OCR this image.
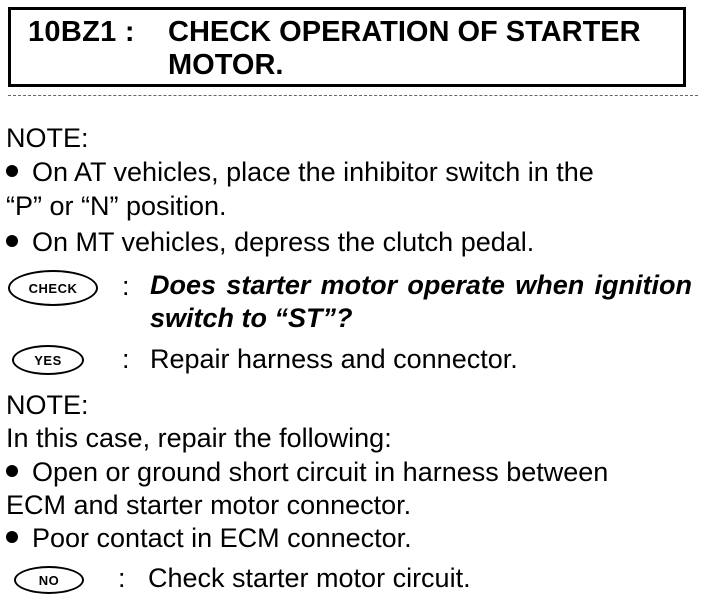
10BZ1 : CHECK OPERATION OF STARTER MOTOR.
NOTE:
On AT vehicles, place the inhibitor switch in the
“P” or “N” position.
On MT vehicles, depress the clutch pedal.
CHECK	: Does starter motor operate when ignition switch to “ST”?
YES	: Repair harness and connector.
NOTE:
In this case, repair the following:
Open or ground short circuit in harness between
ECM and starter motor connector.
Poor contact in ECM connector.
NO	: Check starter motor circuit.
